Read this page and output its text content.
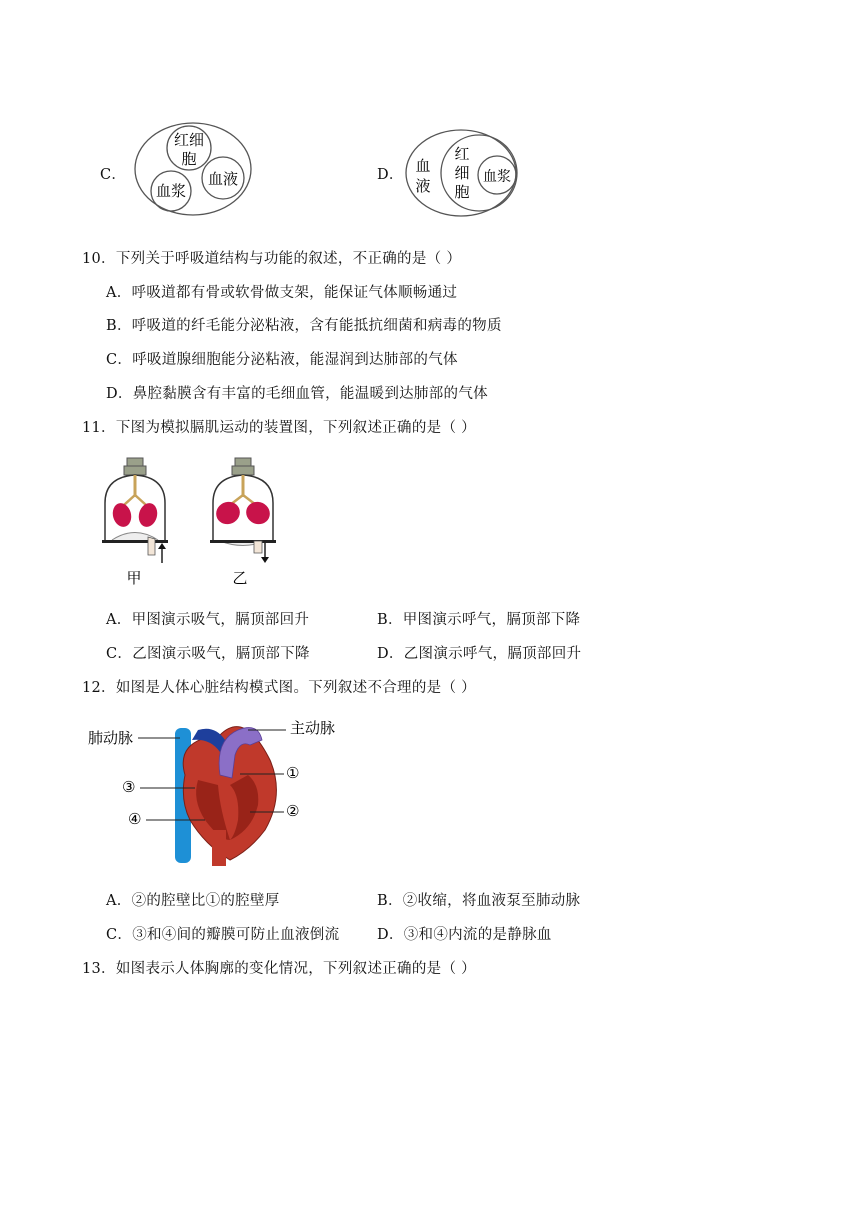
C．
红细
胞
血浆
血液	D． 血
液
红
细
胞
血浆
10．下列关于呼吸道结构与功能的叙述，不正确的是（ ）
A．呼吸道都有骨或软骨做支架，能保证气体顺畅通过
B．呼吸道的纤毛能分泌粘液，含有能抵抗细菌和病毒的物质
C．呼吸道腺细胞能分泌粘液，能湿润到达肺部的气体
D．鼻腔黏膜含有丰富的毛细血管，能温暖到达肺部的气体
11．下图为模拟膈肌运动的装置图，下列叙述正确的是（ ）
甲	乙
A．甲图演示吸气，膈顶部回升	B．甲图演示呼气，膈顶部下降
C．乙图演示吸气，膈顶部下降	D．乙图演示呼气，膈顶部回升
12．如图是人体心脏结构模式图。下列叙述不合理的是（ ）
肺动脉
主动脉
①
②
③
④
A．②的腔壁比①的腔壁厚	B．②收缩，将血液泵至肺动脉
C．③和④间的瓣膜可防止血液倒流	D．③和④内流的是静脉血
13．如图表示人体胸廓的变化情况，下列叙述正确的是（ ）
